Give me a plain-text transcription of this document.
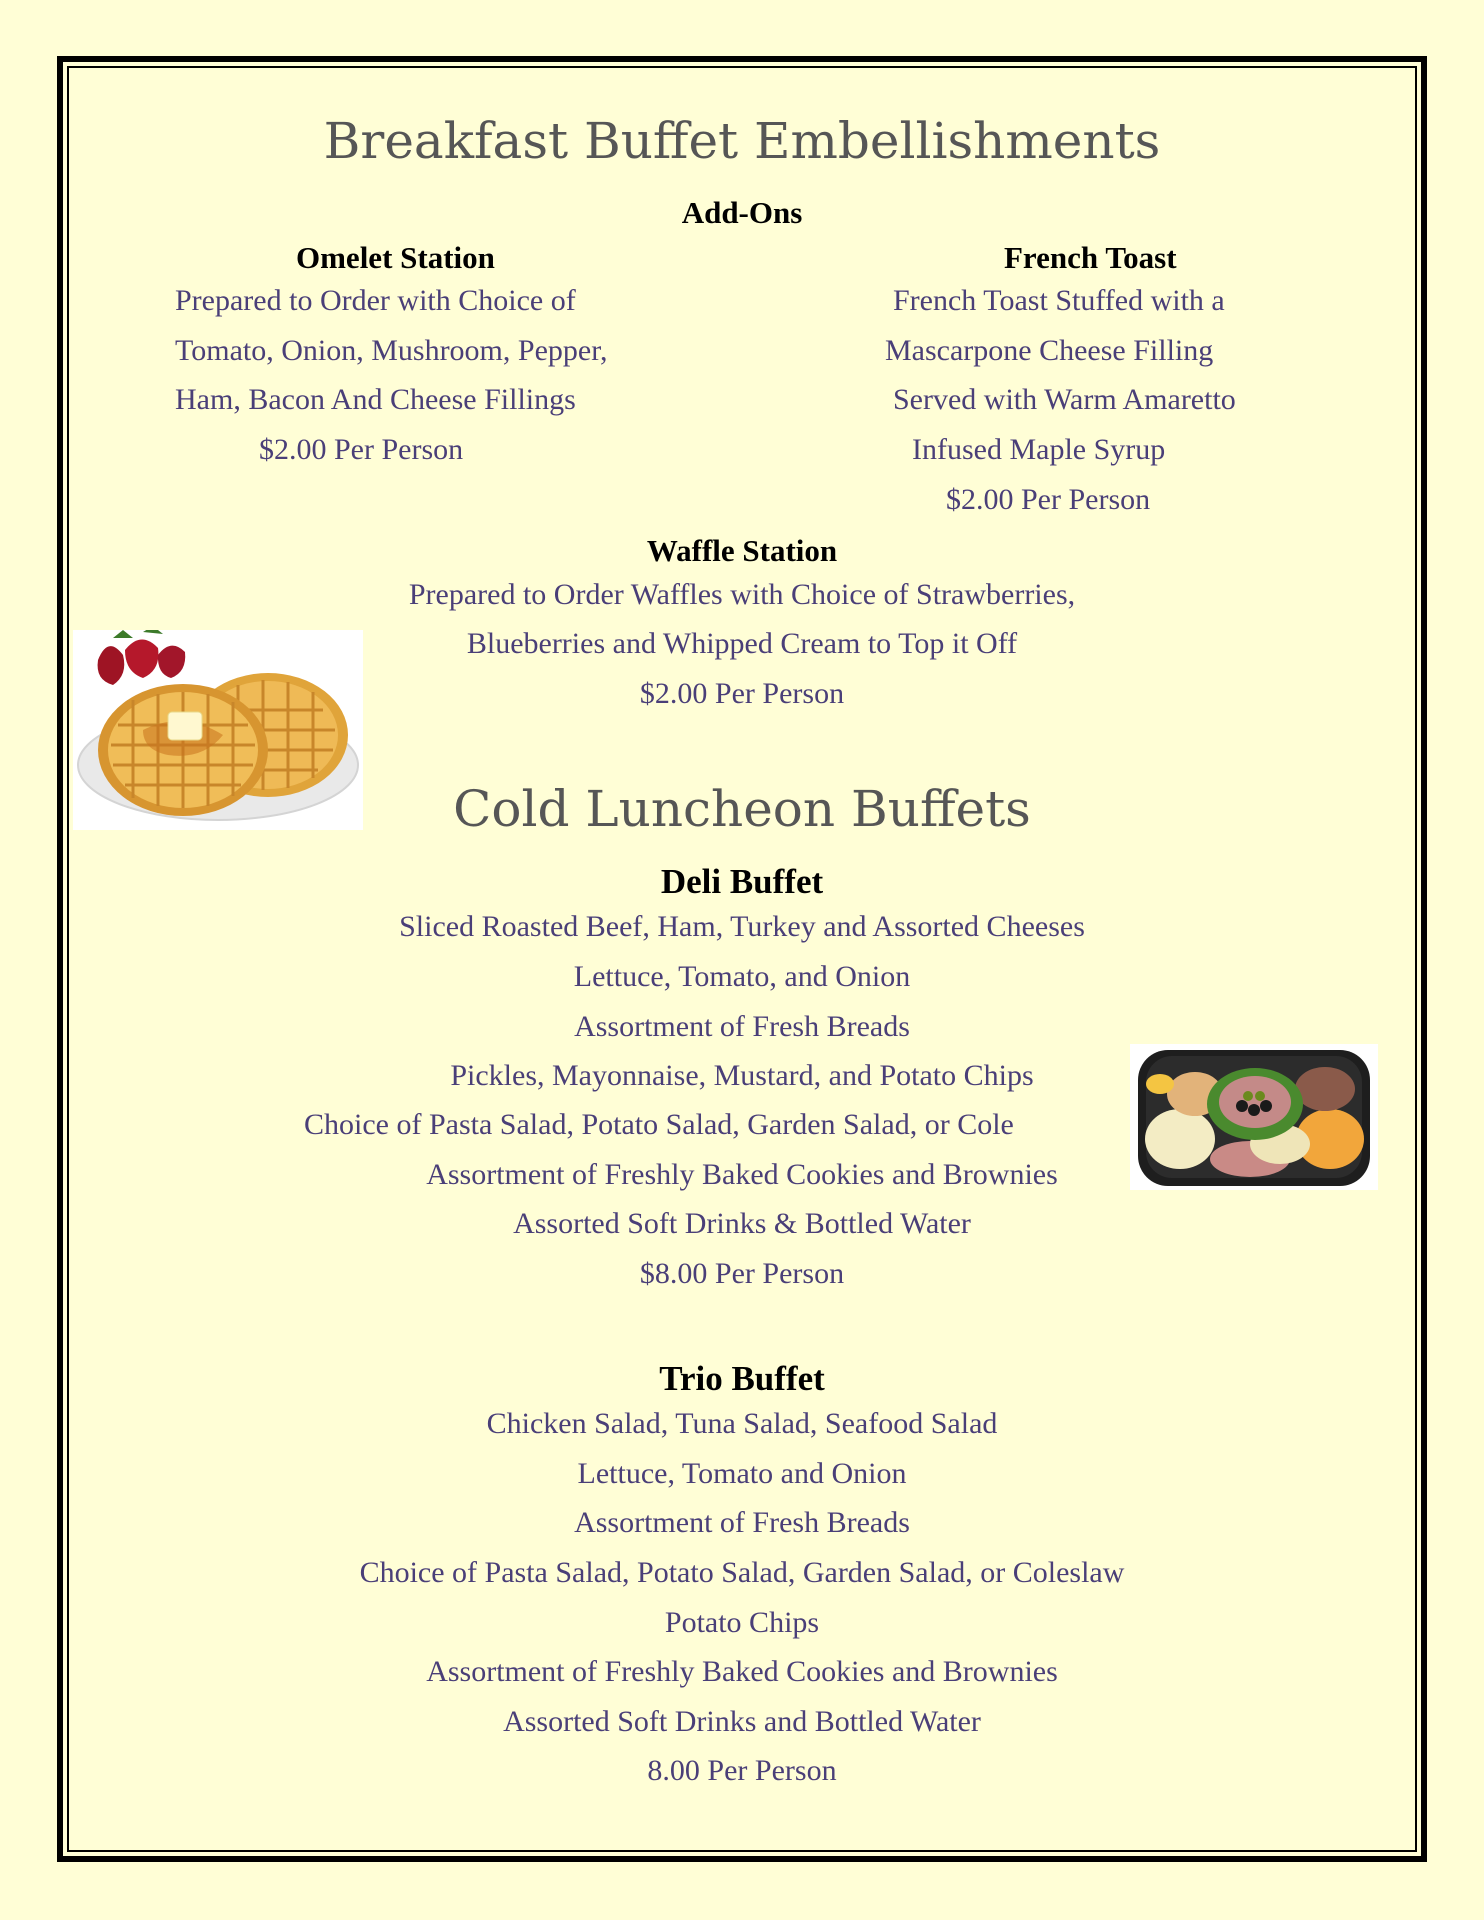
Breakfast Buffet Embellishments
Add-Ons
Omelet Station
Prepared to Order with Choice of
Tomato, Onion, Mushroom, Pepper,
Ham, Bacon And Cheese Fillings
$2.00 Per Person
French Toast
French Toast Stuffed with a
Mascarpone Cheese Filling
Served with Warm Amaretto
Infused Maple Syrup
$2.00 Per Person
Waffle Station
Prepared to Order Waffles with Choice of Strawberries,
Blueberries and Whipped Cream to Top it Off
$2.00 Per Person
Cold Luncheon Buffets
Deli Buffet
Sliced Roasted Beef, Ham, Turkey and Assorted Cheeses
Lettuce, Tomato, and Onion
Assortment of Fresh Breads
Pickles, Mayonnaise, Mustard, and Potato Chips
Choice of Pasta Salad, Potato Salad, Garden Salad, or Cole
Assortment of Freshly Baked Cookies and Brownies
Assorted Soft Drinks & Bottled Water
$8.00 Per Person
Trio Buffet
Chicken Salad, Tuna Salad, Seafood Salad
Lettuce, Tomato and Onion
Assortment of Fresh Breads
Choice of Pasta Salad, Potato Salad, Garden Salad, or Coleslaw
Potato Chips
Assortment of Freshly Baked Cookies and Brownies
Assorted Soft Drinks and Bottled Water
8.00 Per Person
